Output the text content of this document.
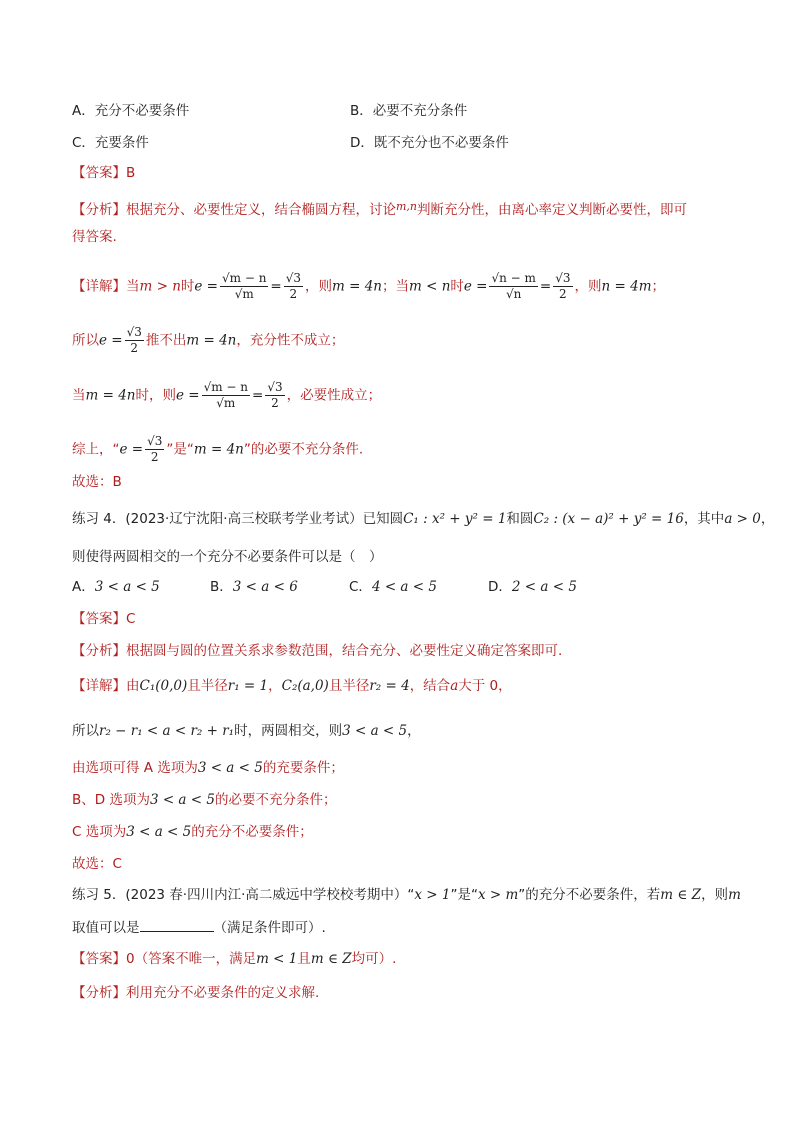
A．充分不必要条件	B．必要不充分条件
C．充要条件	D．既不充分也不必要条件
【答案】B
【分析】根据充分、必要性定义，结合椭圆方程，讨论$^{m,n}$判断充分性，由离心率定义判断必要性，即可
得答案.
【详解】当m > n时$e = \frac{√m - n}{√m} = \frac{√3}{2}$ ，则m = 4n；当m < n时$e = \frac{√n - m}{√n} = \frac{√3}{2}$ ，则n = 4m；
所以$e = \frac{√3}{2}$ 推不出m = 4n，充分性不成立；
当m = 4n时，则$e = \frac{√m - n}{√m} = \frac{√3}{2}$ ，必要性成立；
综上，“$e = \frac{√3}{2}$ ”是“m = 4n”的必要不充分条件.
故选：B
练习 4．(2023·辽宁沈阳·高三校联考学业考试）已知圆C₁ : x² + y² = 1和圆C₂ : (x − a)² + y² = 16，其中a > 0，
则使得两圆相交的一个充分不必要条件可以是（　）
A．3 < a < 5	B．3 < a < 6	C．4 < a < 5	D．2 < a < 5
【答案】C
【分析】根据圆与圆的位置关系求参数范围，结合充分、必要性定义确定答案即可.
【详解】由C₁(0,0)且半径r₁ = 1，C₂(a,0)且半径r₂ = 4，结合a大于 0，
所以r₂ − r₁ < a < r₂ + r₁时，两圆相交，则3 < a < 5，
由选项可得 A 选项为3 < a < 5的充要条件；
B、D 选项为3 < a < 5的必要不充分条件；
C 选项为3 < a < 5的充分不必要条件；
故选：C
练习 5．(2023 春·四川内江·高二威远中学校校考期中）“x > 1”是“x > m”的充分不必要条件，若m ∈ Z，则m
取值可以是	（满足条件即可）.
【答案】0（答案不唯一，满足m < 1且m ∈ Z均可）.
【分析】利用充分不必要条件的定义求解.
